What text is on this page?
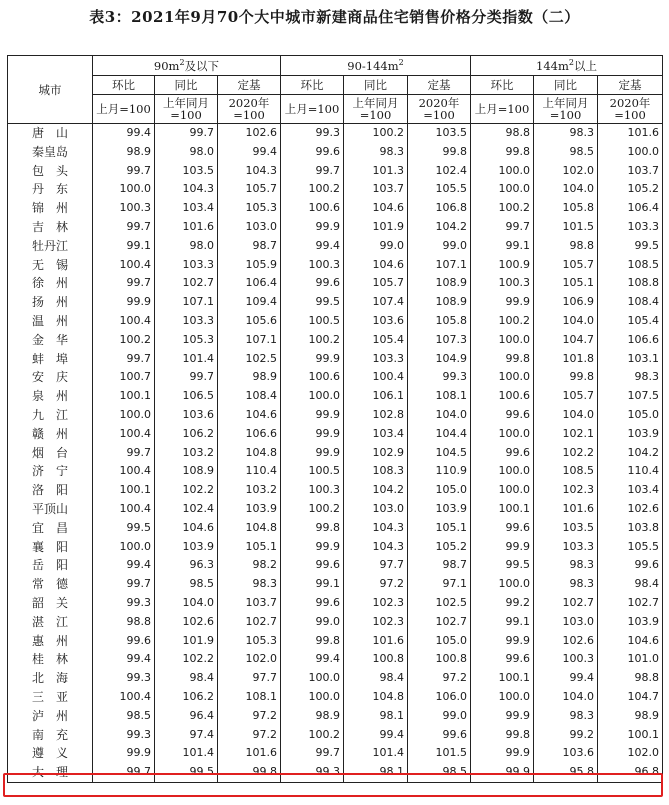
表3：2021年9月70个大中城市新建商品住宅销售价格分类指数（二）
城市	$90m^2$及以下			$90-144m^2$			$144m^2$以上		
	环比	同比	定基	环比	同比	定基	环比	同比	定基
	上月=100	上年同月=100	2020年=100	上月=100	上年同月=100	2020年=100	上月=100	上年同月=100	2020年=100

唐　山	99.4	99.7	102.6	99.3	100.2	103.5	98.8	98.3	101.6
秦皇岛	98.9	98.0	99.4	99.6	98.3	99.8	99.8	98.5	100.0
包　头	99.7	103.5	104.3	99.7	101.3	102.4	100.0	102.0	103.7
丹　东	100.0	104.3	105.7	100.2	103.7	105.5	100.0	104.0	105.2
锦　州	100.3	103.4	105.3	100.6	104.6	106.8	100.2	105.8	106.4
吉　林	99.7	101.6	103.0	99.9	101.9	104.2	99.7	101.5	103.3
牡丹江	99.1	98.0	98.7	99.4	99.0	99.0	99.1	98.8	99.5
无　锡	100.4	103.3	105.9	100.3	104.6	107.1	100.9	105.7	108.5
徐　州	99.7	102.7	106.4	99.6	105.7	108.9	100.3	105.1	108.8
扬　州	99.9	107.1	109.4	99.5	107.4	108.9	99.9	106.9	108.4
温　州	100.4	103.3	105.6	100.5	103.6	105.8	100.2	104.0	105.4
金　华	100.2	105.3	107.1	100.2	105.4	107.3	100.0	104.7	106.6
蚌　埠	99.7	101.4	102.5	99.9	103.3	104.9	99.8	101.8	103.1
安　庆	100.7	99.7	98.9	100.6	100.4	99.3	100.0	99.8	98.3
泉　州	100.1	106.5	108.4	100.0	106.1	108.1	100.6	105.7	107.5
九　江	100.0	103.6	104.6	99.9	102.8	104.0	99.6	104.0	105.0
赣　州	100.4	106.2	106.6	99.9	103.4	104.4	100.0	102.1	103.9
烟　台	99.7	103.2	104.8	99.9	102.9	104.5	99.6	102.2	104.2
济　宁	100.4	108.9	110.4	100.5	108.3	110.9	100.0	108.5	110.4
洛　阳	100.1	102.2	103.2	100.3	104.2	105.0	100.0	102.3	103.4
平顶山	100.4	102.4	103.9	100.2	103.0	103.9	100.1	101.6	102.6
宜　昌	99.5	104.6	104.8	99.8	104.3	105.1	99.6	103.5	103.8
襄　阳	100.0	103.9	105.1	99.9	104.3	105.2	99.9	103.3	105.5
岳　阳	99.4	96.3	98.2	99.6	97.7	98.7	99.5	98.3	99.6
常　德	99.7	98.5	98.3	99.1	97.2	97.1	100.0	98.3	98.4
韶　关	99.3	104.0	103.7	99.6	102.3	102.5	99.2	102.7	102.7
湛　江	98.8	102.6	102.7	99.0	102.3	102.7	99.1	103.0	103.9
惠　州	99.6	101.9	105.3	99.8	101.6	105.0	99.9	102.6	104.6
桂　林	99.4	102.2	102.0	99.4	100.8	100.8	99.6	100.3	101.0
北　海	99.3	98.4	97.7	100.0	98.4	97.2	100.1	99.4	98.8
三　亚	100.4	106.2	108.1	100.0	104.8	106.0	100.0	104.0	104.7
泸　州	98.5	96.4	97.2	98.9	98.1	99.0	99.9	98.3	98.9
南　充	99.3	97.4	97.2	100.2	99.4	99.6	99.8	99.2	100.1
遵　义	99.9	101.4	101.6	99.7	101.4	101.5	99.9	103.6	102.0
大　理	99.7	99.5	99.8	99.3	98.1	98.5	99.9	95.8	96.8
